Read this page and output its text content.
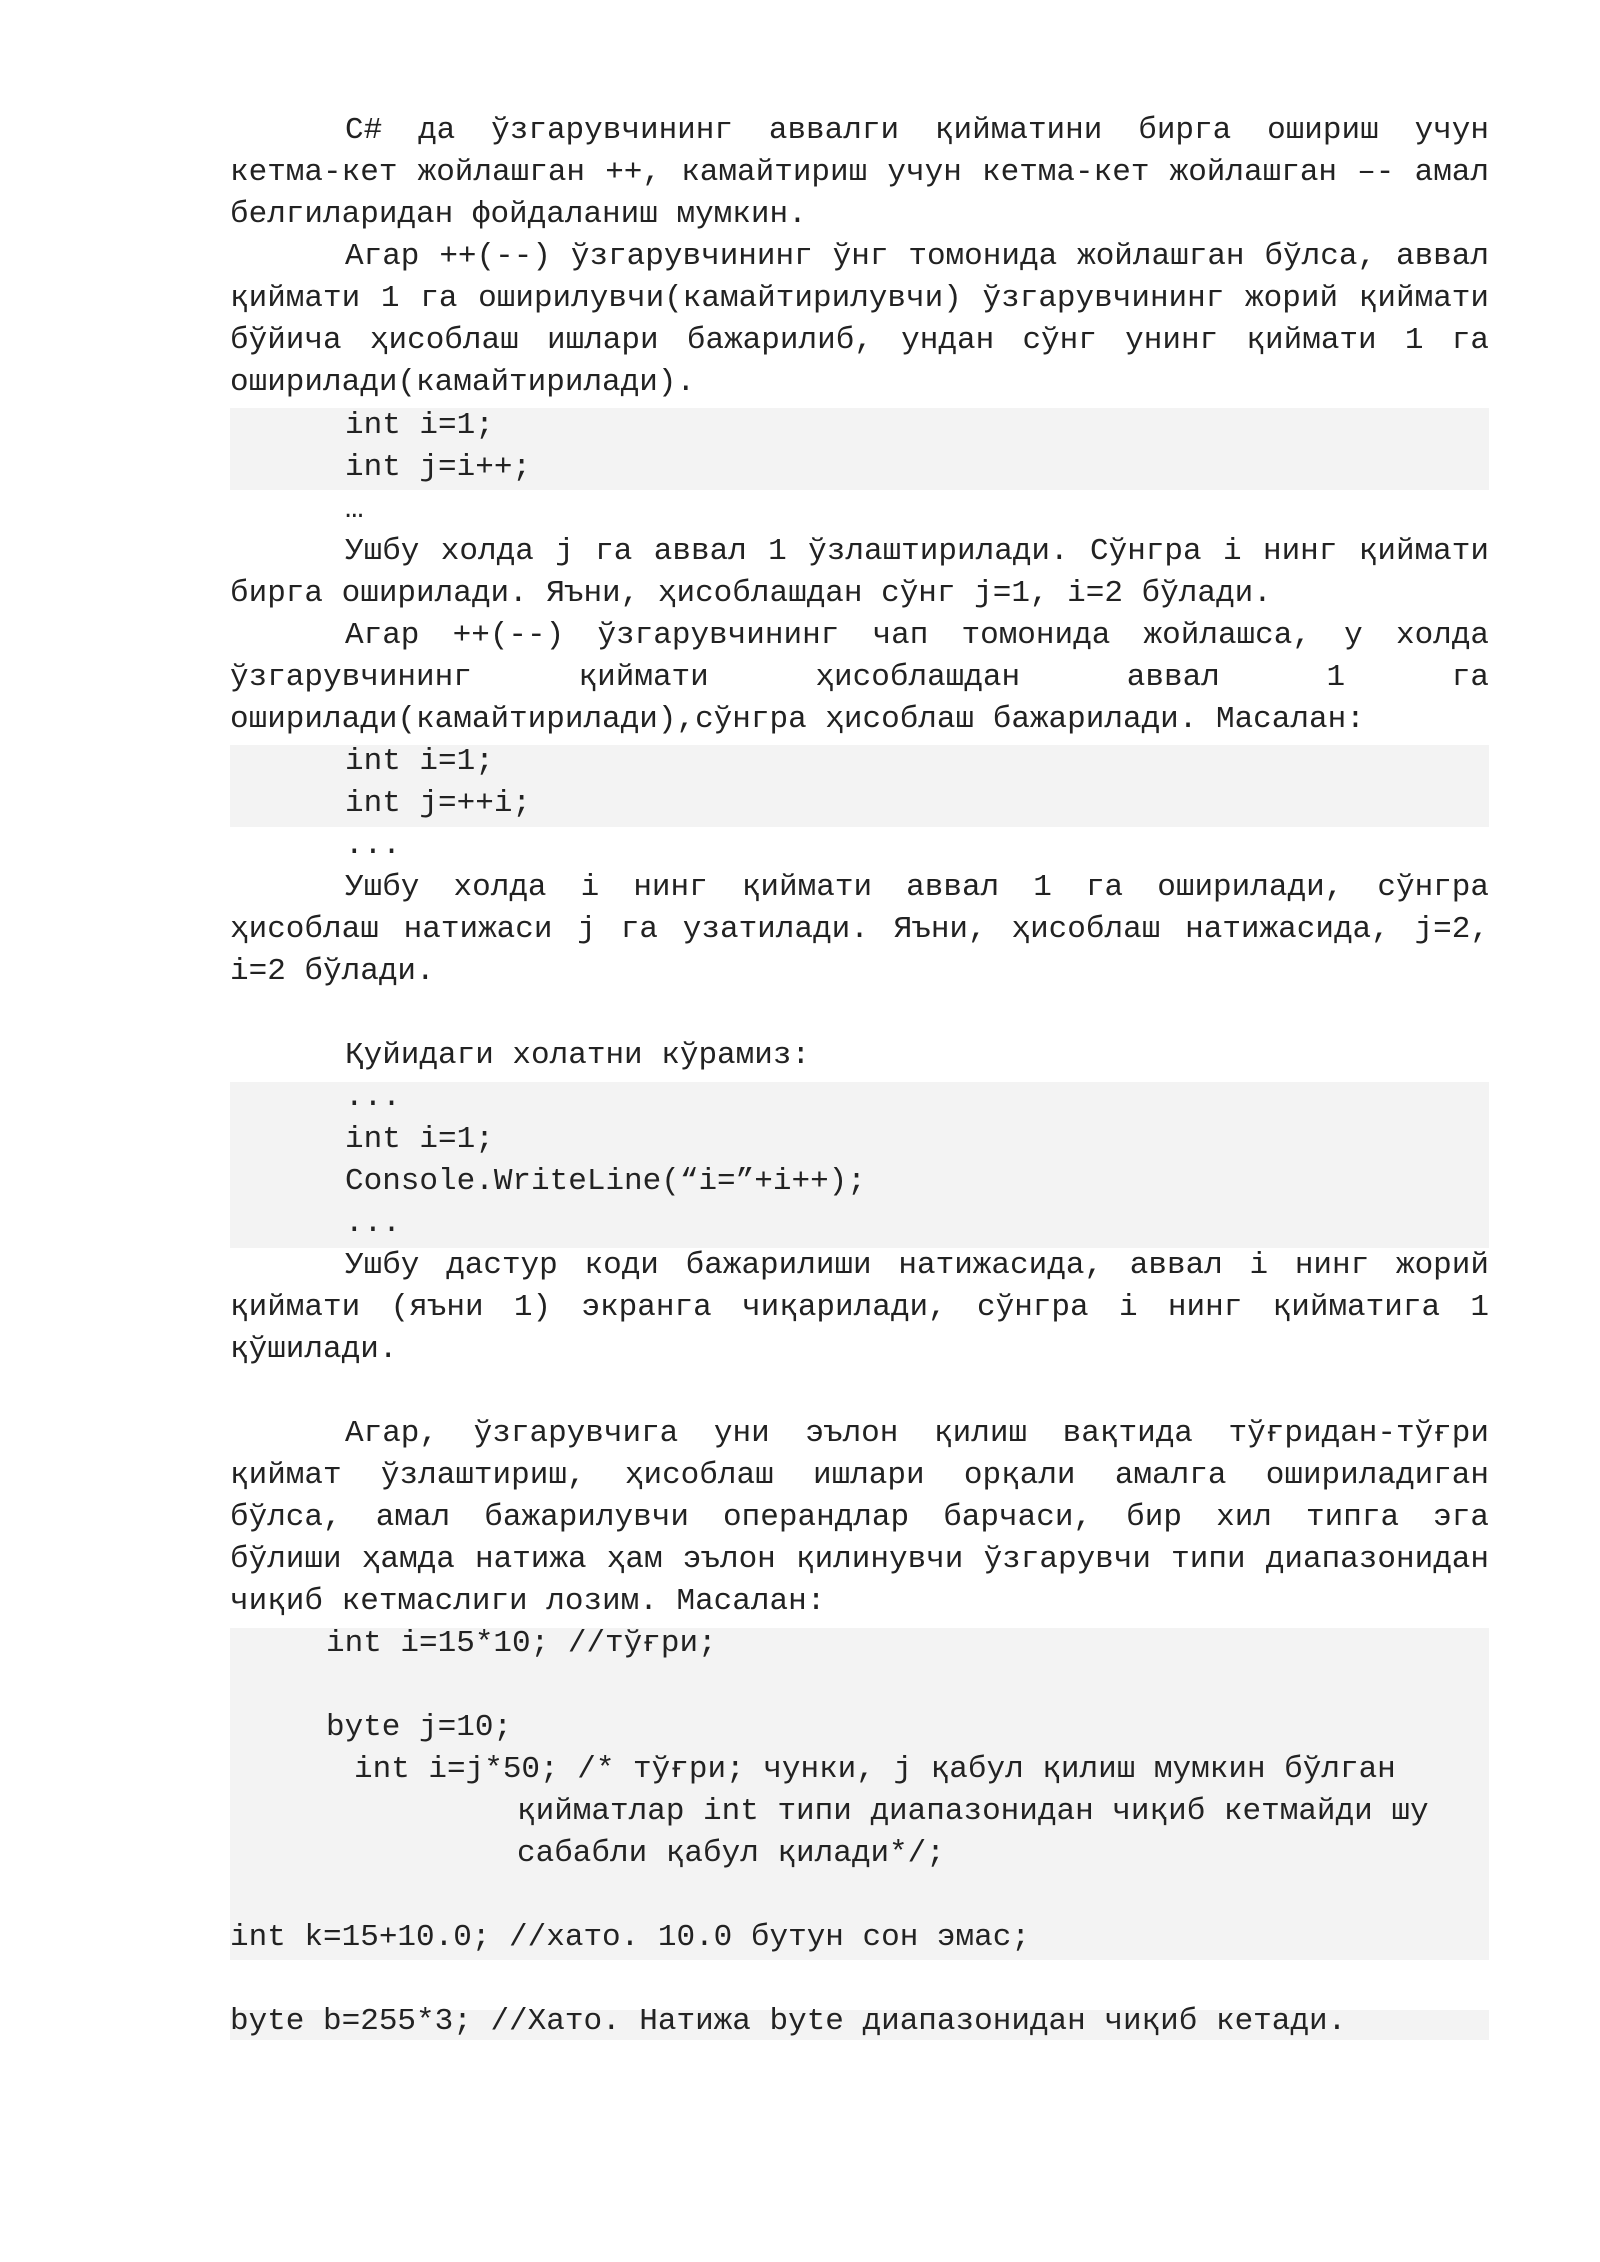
C# да ўзгарувчининг аввалги қийматини бирга ошириш учун кетма-кет жойлашган ++, камайтириш учун кетма-кет жойлашган –- амал белгиларидан фойдаланиш мумкин.

Агар ++(--) ўзгарувчининг ўнг томонида жойлашган бўлса, аввал қиймати 1 га оширилувчи(камайтирилувчи) ўзгарувчининг жорий қиймати бўйича ҳисоблаш ишлари бажарилиб, ундан сўнг унинг қиймати 1 га оширилади(камайтирилади).

int i=1;

int j=i++;

…

Ушбу холда j га аввал 1 ўзлаштирилади. Сўнгра i нинг қиймати бирга оширилади. Яъни, ҳисоблашдан сўнг j=1, i=2 бўлади.

Агар ++(--) ўзгарувчининг чап томонида жойлашса, у холда ўзгарувчининг қиймати ҳисоблашдан аввал 1 га оширилади(камайтирилади),сўнгра ҳисоблаш бажарилади. Масалан:

int i=1;

int j=++i;

...

Ушбу холда i нинг қиймати аввал 1 га оширилади, сўнгра ҳисоблаш натижаси j га узатилади. Яъни, ҳисоблаш натижасида, j=2, i=2 бўлади.

Қуйидаги холатни кўрамиз:

...

int i=1;

Console.WriteLine(“i=”+i++);

...

Ушбу дастур коди бажарилиши натижасида, аввал i нинг жорий қиймати (яъни 1) экранга чиқарилади, сўнгра i нинг қийматига 1 қўшилади.

Агар, ўзгарувчига уни эълон қилиш вақтида тўғридан-тўғри қиймат ўзлаштириш, ҳисоблаш ишлари орқали амалга ошириладиган бўлса, амал бажарилувчи операндлар барчаси, бир хил типга эга бўлиши ҳамда натижа ҳам эълон қилинувчи ўзгарувчи типи диапазонидан чиқиб кетмаслиги лозим. Масалан:

int i=15*10; //тўғри;

byte j=10;

int i=j*50; /* тўғри; чунки, j қабул қилиш мумкин бўлган

қийматлар int типи диапазонидан чиқиб кетмайди шу

сабабли қабул қилади*/;

int k=15+10.0; //хато. 10.0 бутун сон эмас;

byte b=255*3; //Хато. Натижа byte диапазонидан чиқиб кетади.
